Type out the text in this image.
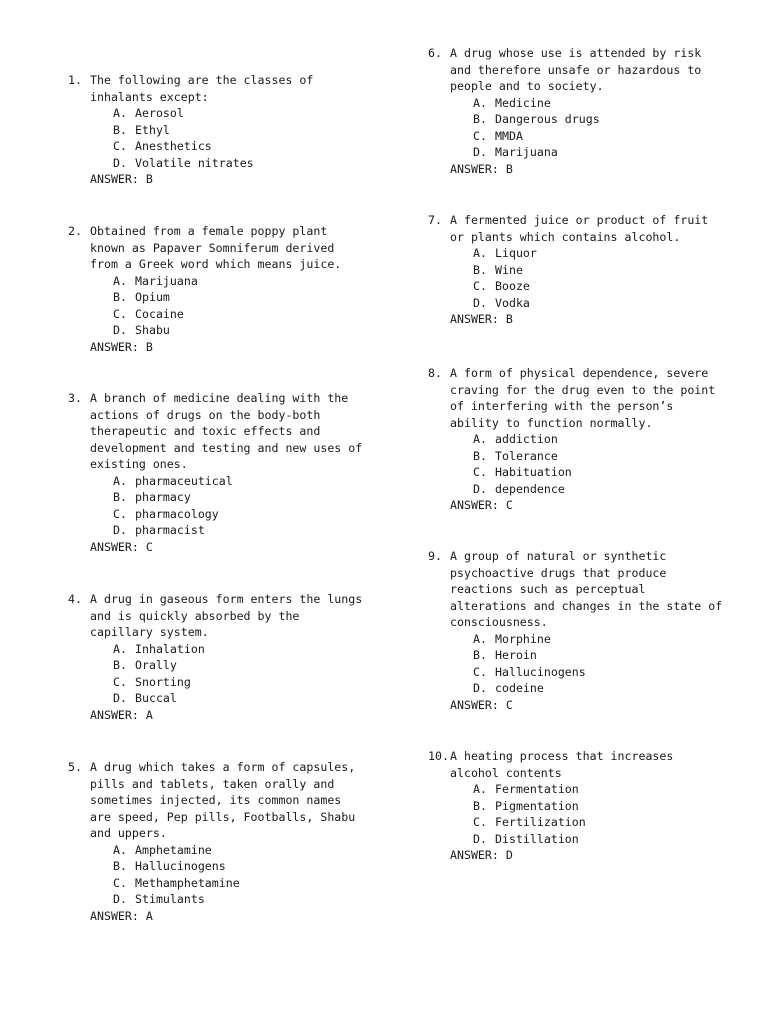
1. The following are the classes of
inhalants except:
A. Aerosol
B. Ethyl
C. Anesthetics
D. Volatile nitrates
ANSWER: B
2. Obtained from a female poppy plant
known as Papaver Somniferum derived
from a Greek word which means juice.
A. Marijuana
B. Opium
C. Cocaine
D. Shabu
ANSWER: B
3. A branch of medicine dealing with the
actions of drugs on the body-both
therapeutic and toxic effects and
development and testing and new uses of
existing ones.
A. pharmaceutical
B. pharmacy
C. pharmacology
D. pharmacist
ANSWER: C
4. A drug in gaseous form enters the lungs
and is quickly absorbed by the
capillary system.
A. Inhalation
B. Orally
C. Snorting
D. Buccal
ANSWER: A
5. A drug which takes a form of capsules,
pills and tablets, taken orally and
sometimes injected, its common names
are speed, Pep pills, Footballs, Shabu
and uppers.
A. Amphetamine
B. Hallucinogens
C. Methamphetamine
D. Stimulants
ANSWER: A
6. A drug whose use is attended by risk
and therefore unsafe or hazardous to
people and to society.
A. Medicine
B. Dangerous drugs
C. MMDA
D. Marijuana
ANSWER: B
7. A fermented juice or product of fruit
or plants which contains alcohol.
A. Liquor
B. Wine
C. Booze
D. Vodka
ANSWER: B
8. A form of physical dependence, severe
craving for the drug even to the point
of interfering with the person’s
ability to function normally.
A. addiction
B. Tolerance
C. Habituation
D. dependence
ANSWER: C
9. A group of natural or synthetic
psychoactive drugs that produce
reactions such as perceptual
alterations and changes in the state of
consciousness.
A. Morphine
B. Heroin
C. Hallucinogens
D. codeine
ANSWER: C
10. A heating process that increases
alcohol contents
A. Fermentation
B. Pigmentation
C. Fertilization
D. Distillation
ANSWER: D
